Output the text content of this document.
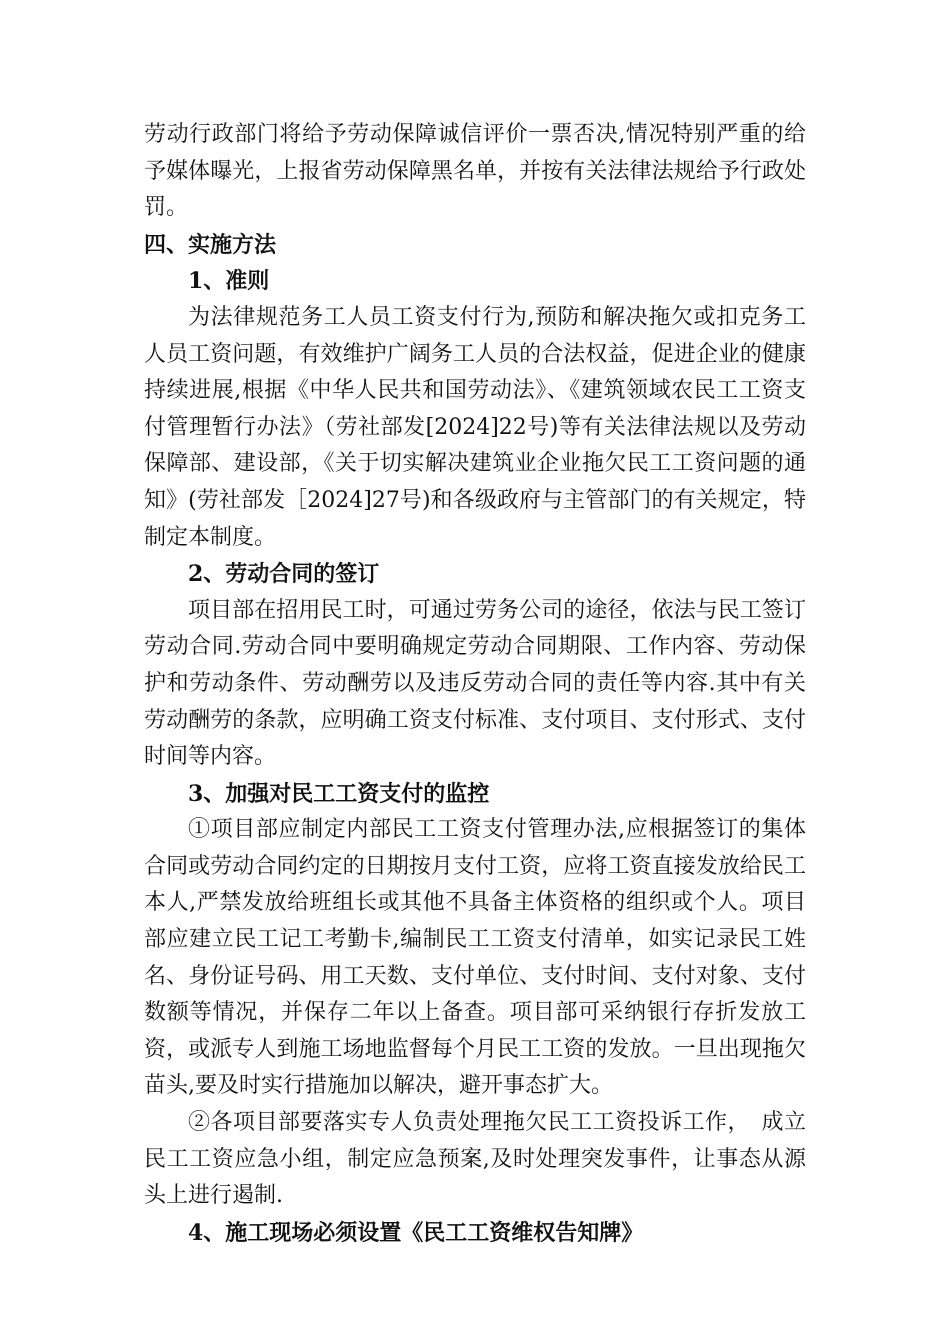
劳动行政部门将给予劳动保障诚信评价一票否决,情况特别严重的给予媒体曝光，上报省劳动保障黑名单，并按有关法律法规给予行政处罚。

四、实施方法

1、准则

为法律规范务工人员工资支付行为,预防和解决拖欠或扣克务工人员工资问题，有效维护广阔务工人员的合法权益，促进企业的健康持续进展,根据《中华人民共和国劳动法》、《建筑领域农民工工资支付管理暂行办法》（劳社部发[2024]22号)等有关法律法规以及劳动保障部、建设部，《关于切实解决建筑业企业拖欠民工工资问题的通知》(劳社部发［2024]27号)和各级政府与主管部门的有关规定，特制定本制度。

2、劳动合同的签订

项目部在招用民工时，可通过劳务公司的途径，依法与民工签订劳动合同.劳动合同中要明确规定劳动合同期限、工作内容、劳动保护和劳动条件、劳动酬劳以及违反劳动合同的责任等内容.其中有关劳动酬劳的条款，应明确工资支付标准、支付项目、支付形式、支付时间等内容。

3、加强对民工工资支付的监控

①项目部应制定内部民工工资支付管理办法,应根据签订的集体合同或劳动合同约定的日期按月支付工资，应将工资直接发放给民工本人,严禁发放给班组长或其他不具备主体资格的组织或个人。项目部应建立民工记工考勤卡,编制民工工资支付清单，如实记录民工姓名、身份证号码、用工天数、支付单位、支付时间、支付对象、支付数额等情况，并保存二年以上备查。项目部可采纳银行存折发放工资，或派专人到施工场地监督每个月民工工资的发放。一旦出现拖欠苗头,要及时实行措施加以解决，避开事态扩大。

②各项目部要落实专人负责处理拖欠民工工资投诉工作，　成立民工工资应急小组，制定应急预案,及时处理突发事件，让事态从源头上进行遏制.

4、施工现场必须设置《民工工资维权告知牌》
